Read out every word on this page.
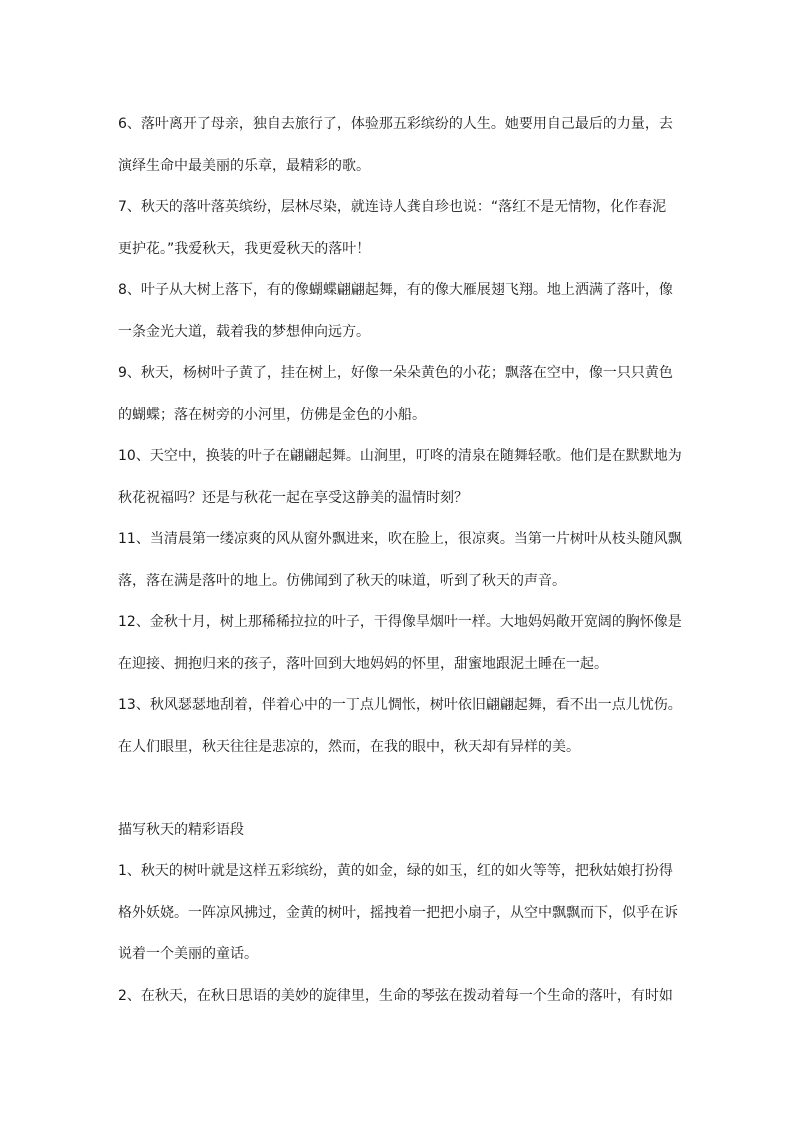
6、落叶离开了母亲，独自去旅行了，体验那五彩缤纷的人生。她要用自己最后的力量，去
演绎生命中最美丽的乐章，最精彩的歌。
7、秋天的落叶落英缤纷，层林尽染，就连诗人龚自珍也说：“落红不是无情物，化作春泥
更护花。”我爱秋天，我更爱秋天的落叶！
8、叶子从大树上落下，有的像蝴蝶翩翩起舞，有的像大雁展翅飞翔。地上洒满了落叶，像
一条金光大道，载着我的梦想伸向远方。
9、秋天，杨树叶子黄了，挂在树上，好像一朵朵黄色的小花；飘落在空中，像一只只黄色
的蝴蝶；落在树旁的小河里，仿佛是金色的小船。
10、天空中，换装的叶子在翩翩起舞。山涧里，叮咚的清泉在随舞轻歌。他们是在默默地为
秋花祝福吗？还是与秋花一起在享受这静美的温情时刻？
11、当清晨第一缕凉爽的风从窗外飘进来，吹在脸上，很凉爽。当第一片树叶从枝头随风飘
落，落在满是落叶的地上。仿佛闻到了秋天的味道，听到了秋天的声音。
12、金秋十月，树上那稀稀拉拉的叶子，干得像旱烟叶一样。大地妈妈敞开宽阔的胸怀像是
在迎接、拥抱归来的孩子，落叶回到大地妈妈的怀里，甜蜜地跟泥土睡在一起。
13、秋风瑟瑟地刮着，伴着心中的一丁点儿惆怅，树叶依旧翩翩起舞，看不出一点儿忧伤。
在人们眼里，秋天往往是悲凉的，然而，在我的眼中，秋天却有异样的美。
描写秋天的精彩语段
1、秋天的树叶就是这样五彩缤纷，黄的如金，绿的如玉，红的如火等等，把秋姑娘打扮得
格外妖娆。一阵凉风拂过，金黄的树叶，摇拽着一把把小扇子，从空中飘飘而下，似乎在诉
说着一个美丽的童话。
2、在秋天，在秋日思语的美妙的旋律里，生命的琴弦在拨动着每一个生命的落叶，有时如
